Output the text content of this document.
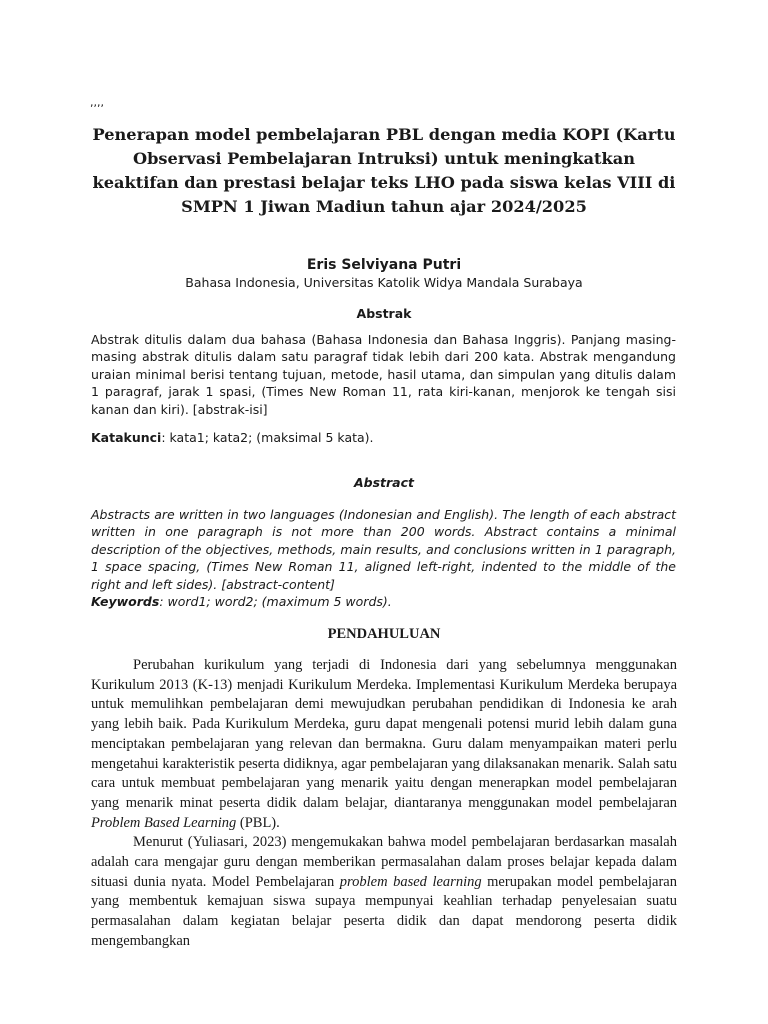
,,,,
Penerapan model pembelajaran PBL dengan media KOPI (Kartu Observasi Pembelajaran Intruksi) untuk meningkatkan keaktifan dan prestasi belajar teks LHO pada siswa kelas VIII di SMPN 1 Jiwan Madiun tahun ajar 2024/2025
Eris Selviyana Putri
Bahasa Indonesia, Universitas Katolik Widya Mandala Surabaya
Abstrak

Abstrak ditulis dalam dua bahasa (Bahasa Indonesia dan Bahasa Inggris). Panjang masing-masing abstrak ditulis dalam satu paragraf tidak lebih dari 200 kata. Abstrak mengandung uraian minimal berisi tentang tujuan, metode, hasil utama, dan simpulan yang ditulis dalam 1 paragraf, jarak 1 spasi, (Times New Roman 11, rata kiri-kanan, menjorok ke tengah sisi kanan dan kiri). [abstrak-isi]

Katakunci: kata1; kata2; (maksimal 5 kata).

Abstract

Abstracts are written in two languages (Indonesian and English). The length of each abstract written in one paragraph is not more than 200 words. Abstract contains a minimal description of the objectives, methods, main results, and conclusions written in 1 paragraph, 1 space spacing, (Times New Roman 11, aligned left-right, indented to the middle of the right and left sides). [abstract-content]

Keywords: word1; word2; (maximum 5 words).

PENDAHULUAN

Perubahan kurikulum yang terjadi di Indonesia dari yang sebelumnya menggunakan Kurikulum 2013 (K-13) menjadi Kurikulum Merdeka. Implementasi Kurikulum Merdeka berupaya untuk memulihkan pembelajaran demi mewujudkan perubahan pendidikan di Indonesia ke arah yang lebih baik. Pada Kurikulum Merdeka, guru dapat mengenali potensi murid lebih dalam guna menciptakan pembelajaran yang relevan dan bermakna. Guru dalam menyampaikan materi perlu mengetahui karakteristik peserta didiknya, agar pembelajaran yang dilaksanakan menarik. Salah satu cara untuk membuat pembelajaran yang menarik yaitu dengan menerapkan model pembelajaran yang menarik minat peserta didik dalam belajar, diantaranya menggunakan model pembelajaran Problem Based Learning (PBL).

Menurut (Yuliasari, 2023) mengemukakan bahwa model pembelajaran berdasarkan masalah adalah cara mengajar guru dengan memberikan permasalahan dalam proses belajar kepada dalam situasi dunia nyata. Model Pembelajaran problem based learning merupakan model pembelajaran yang membentuk kemajuan siswa supaya mempunyai keahlian terhadap penyelesaian suatu permasalahan dalam kegiatan belajar peserta didik dan dapat mendorong peserta didik mengembangkan
